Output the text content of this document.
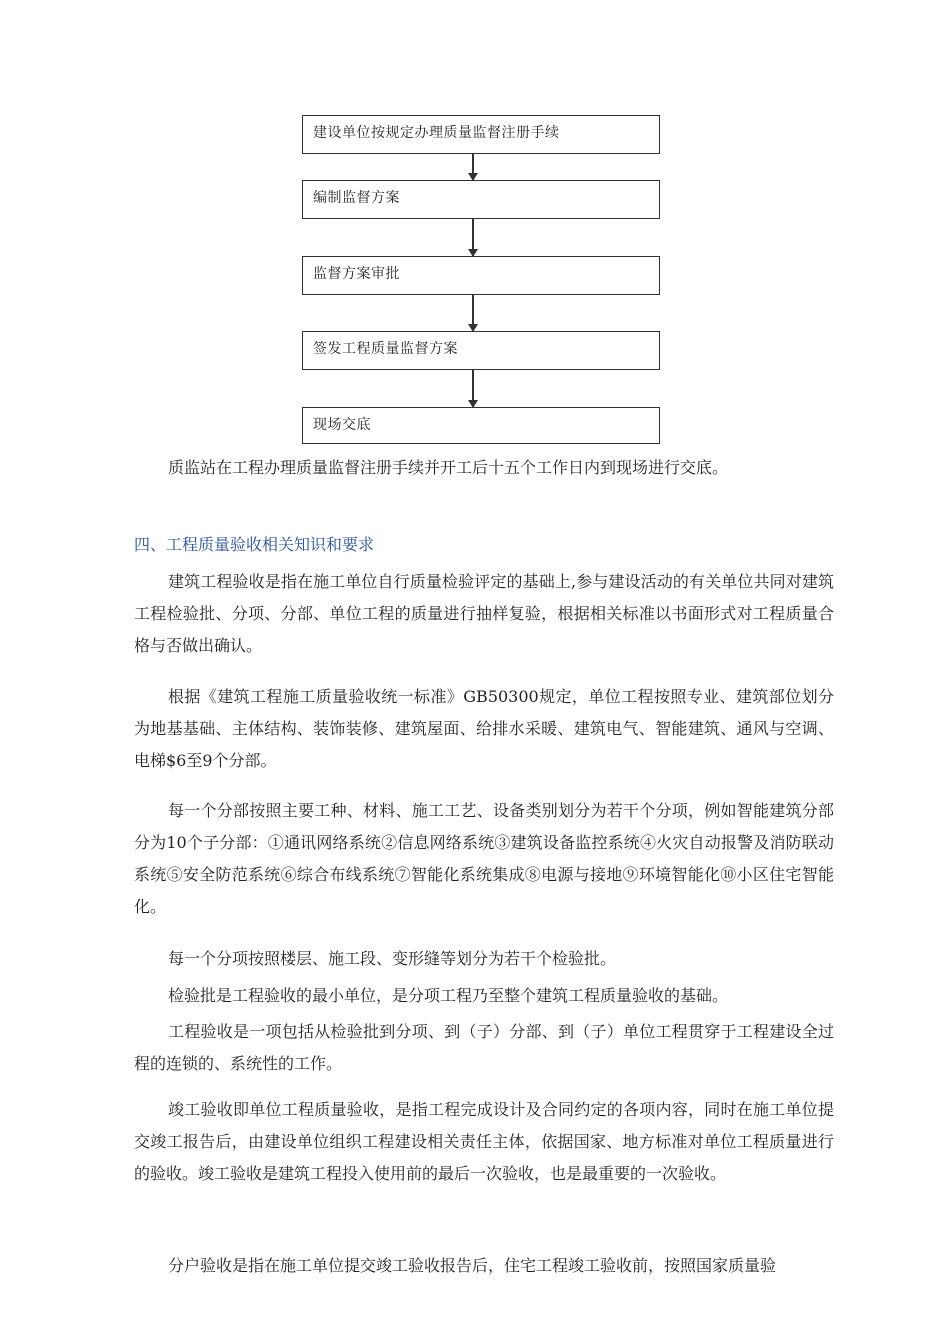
建设单位按规定办理质量监督注册手续
编制监督方案
监督方案审批
签发工程质量监督方案
现场交底

质监站在工程办理质量监督注册手续并开工后十五个工作日内到现场进行交底。

四、工程质量验收相关知识和要求

建筑工程验收是指在施工单位自行质量检验评定的基础上,参与建设活动的有关单位共同对建筑工程检验批、分项、分部、单位工程的质量进行抽样复验，根据相关标准以书面形式对工程质量合格与否做出确认。

根据《建筑工程施工质量验收统一标准》GB50300规定，单位工程按照专业、建筑部位划分为地基基础、主体结构、装饰装修、建筑屋面、给排水采暖、建筑电气、智能建筑、通风与空调、电梯$6至9个分部。

每一个分部按照主要工种、材料、施工工艺、设备类别划分为若干个分项，例如智能建筑分部分为10个子分部：①通讯网络系统②信息网络系统③建筑设备监控系统④火灾自动报警及消防联动系统⑤安全防范系统⑥综合布线系统⑦智能化系统集成⑧电源与接地⑨环境智能化⑩小区住宅智能化。

每一个分项按照楼层、施工段、变形缝等划分为若干个检验批。

检验批是工程验收的最小单位，是分项工程乃至整个建筑工程质量验收的基础。

工程验收是一项包括从检验批到分项、到（子）分部、到（子）单位工程贯穿于工程建设全过程的连锁的、系统性的工作。

竣工验收即单位工程质量验收，是指工程完成设计及合同约定的各项内容，同时在施工单位提交竣工报告后，由建设单位组织工程建设相关责任主体，依据国家、地方标准对单位工程质量进行的验收。竣工验收是建筑工程投入使用前的最后一次验收，也是最重要的一次验收。

分户验收是指在施工单位提交竣工验收报告后，住宅工程竣工验收前，按照国家质量验
